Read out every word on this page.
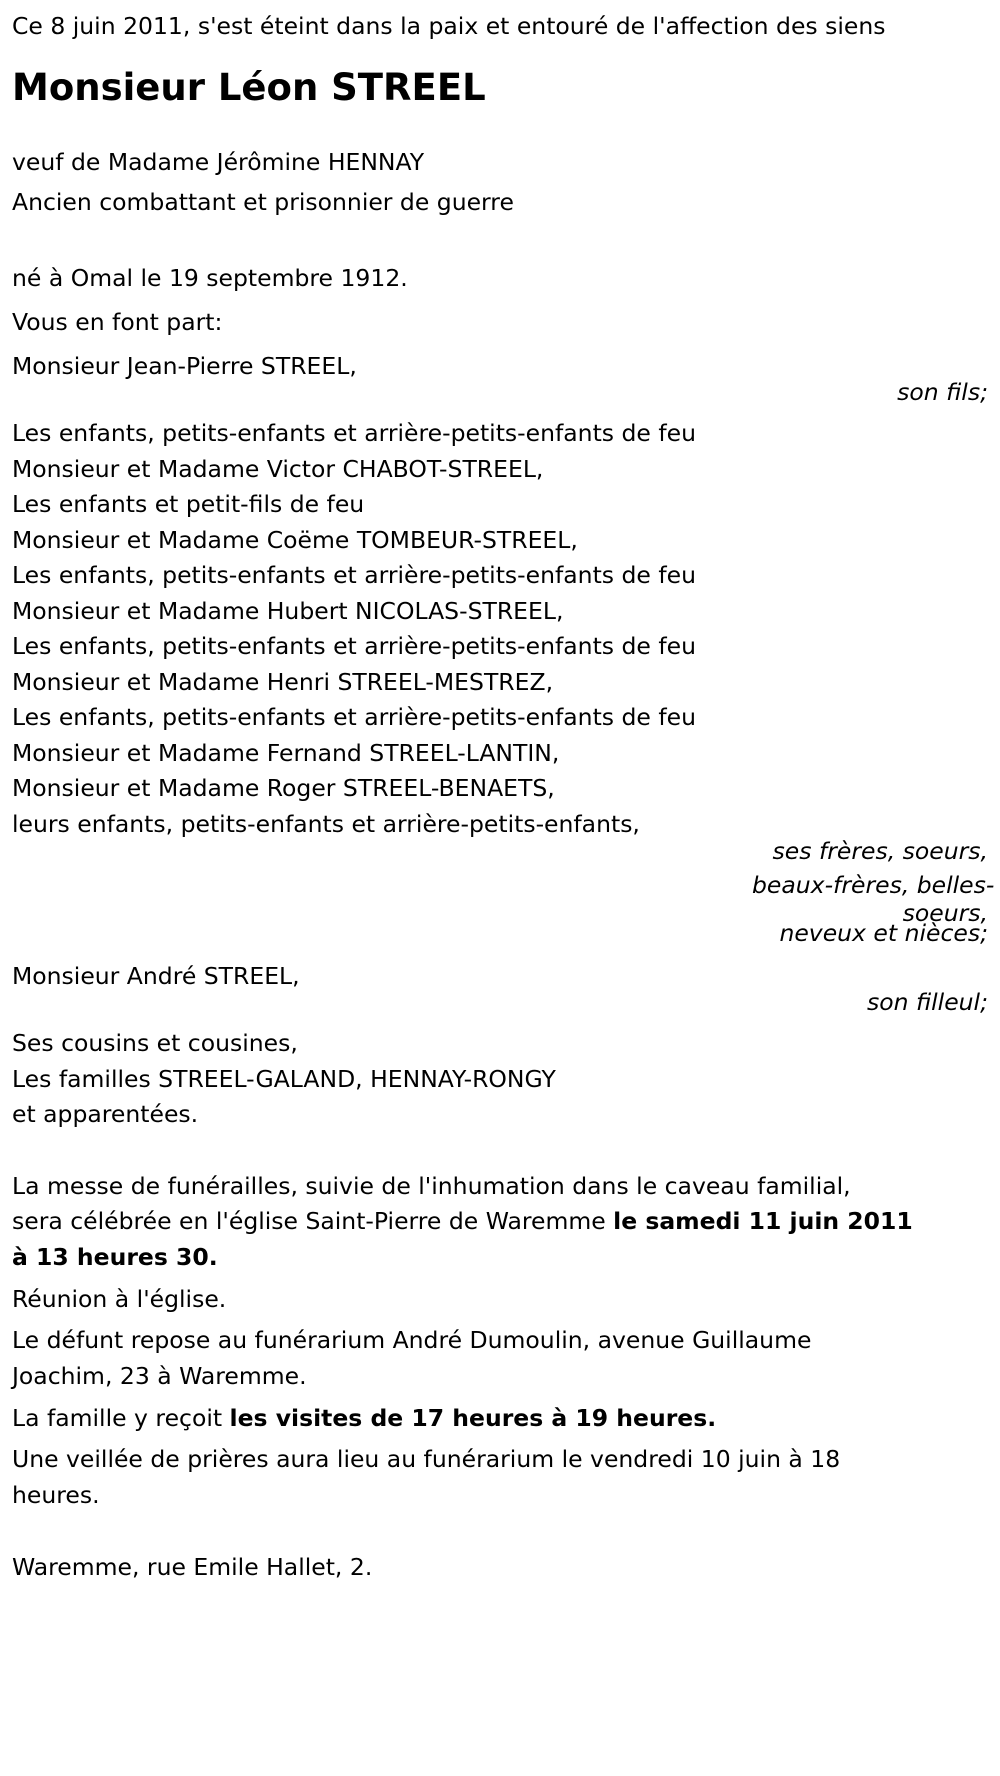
Ce 8 juin 2011, s'est éteint dans la paix et entouré de l'affection des siens
Monsieur Léon STREEL
veuf de Madame Jérômine HENNAY
Ancien combattant et prisonnier de guerre
né à Omal le 19 septembre 1912.
Vous en font part:
Monsieur Jean-Pierre STREEL,
son fils;
Les enfants, petits-enfants et arrière-petits-enfants de feu
Monsieur et Madame Victor CHABOT-STREEL,
Les enfants et petit-fils de feu
Monsieur et Madame Coëme TOMBEUR-STREEL,
Les enfants, petits-enfants et arrière-petits-enfants de feu
Monsieur et Madame Hubert NICOLAS-STREEL,
Les enfants, petits-enfants et arrière-petits-enfants de feu
Monsieur et Madame Henri STREEL-MESTREZ,
Les enfants, petits-enfants et arrière-petits-enfants de feu
Monsieur et Madame Fernand STREEL-LANTIN,
Monsieur et Madame Roger STREEL-BENAETS,
leurs enfants, petits-enfants et arrière-petits-enfants,
ses frères, soeurs,
beaux-frères, belles-
soeurs,
neveux et nièces;
Monsieur André STREEL,
son filleul;
Ses cousins et cousines,
Les familles STREEL-GALAND, HENNAY-RONGY
et apparentées.
La messe de funérailles, suivie de l'inhumation dans le caveau familial,
sera célébrée en l'église Saint-Pierre de Waremme le samedi 11 juin 2011
à 13 heures 30.
Réunion à l'église.
Le défunt repose au funérarium André Dumoulin, avenue Guillaume
Joachim, 23 à Waremme.
La famille y reçoit les visites de 17 heures à 19 heures.
Une veillée de prières aura lieu au funérarium le vendredi 10 juin à 18
heures.
Waremme, rue Emile Hallet, 2.
